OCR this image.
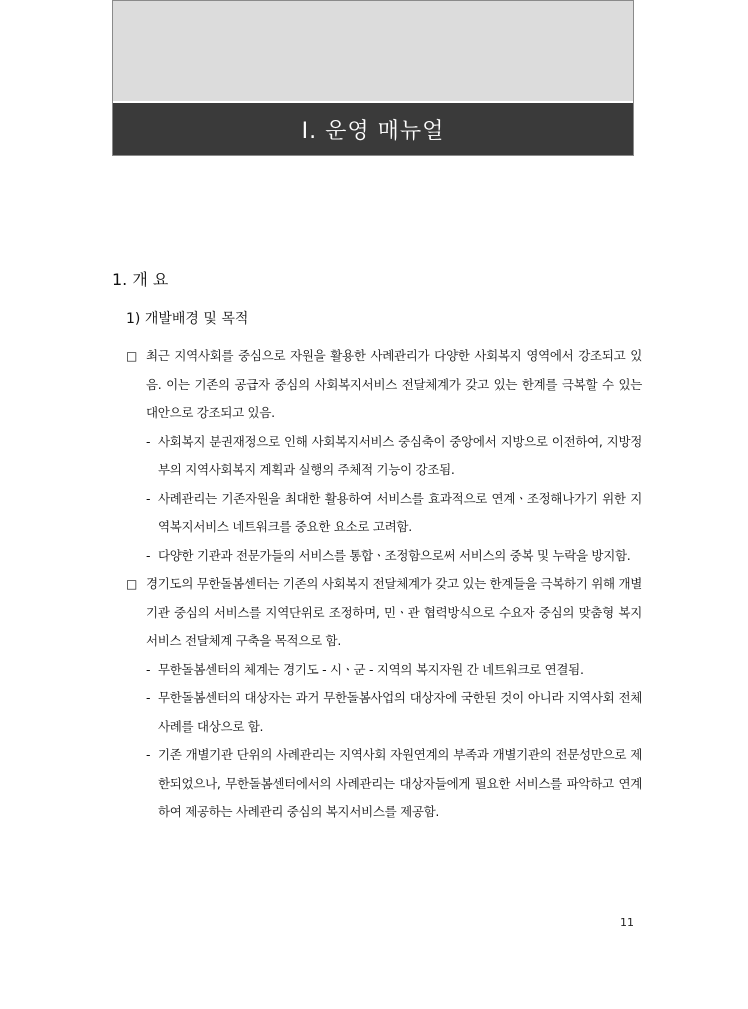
Ⅰ. 운영 매뉴얼
1. 개 요
1) 개발배경 및 목적
□ 최근 지역사회를 중심으로 자원을 활용한 사례관리가 다양한 사회복지 영역에서 강조되고 있음. 이는 기존의 공급자 중심의 사회복지서비스 전달체계가 갖고 있는 한계를 극복할 수 있는 대안으로 강조되고 있음.
- 사회복지 분권재정으로 인해 사회복지서비스 중심축이 중앙에서 지방으로 이전하여, 지방정부의 지역사회복지 계획과 실행의 주체적 기능이 강조됨.
- 사례관리는 기존자원을 최대한 활용하여 서비스를 효과적으로 연계ㆍ조정해나가기 위한 지역복지서비스 네트워크를 중요한 요소로 고려함.
- 다양한 기관과 전문가들의 서비스를 통합ㆍ조정함으로써 서비스의 중복 및 누락을 방지함.
□ 경기도의 무한돌봄센터는 기존의 사회복지 전달체계가 갖고 있는 한계들을 극복하기 위해 개별기관 중심의 서비스를 지역단위로 조정하며, 민ㆍ관 협력방식으로 수요자 중심의 맞춤형 복지서비스 전달체계 구축을 목적으로 함.
- 무한돌봄센터의 체계는 경기도 - 시ㆍ군 - 지역의 복지자원 간 네트워크로 연결됨.
- 무한돌봄센터의 대상자는 과거 무한돌봄사업의 대상자에 국한된 것이 아니라 지역사회 전체 사례를 대상으로 함.
- 기존 개별기관 단위의 사례관리는 지역사회 자원연계의 부족과 개별기관의 전문성만으로 제한되었으나, 무한돌봄센터에서의 사례관리는 대상자들에게 필요한 서비스를 파악하고 연계하여 제공하는 사례관리 중심의 복지서비스를 제공함.
11
